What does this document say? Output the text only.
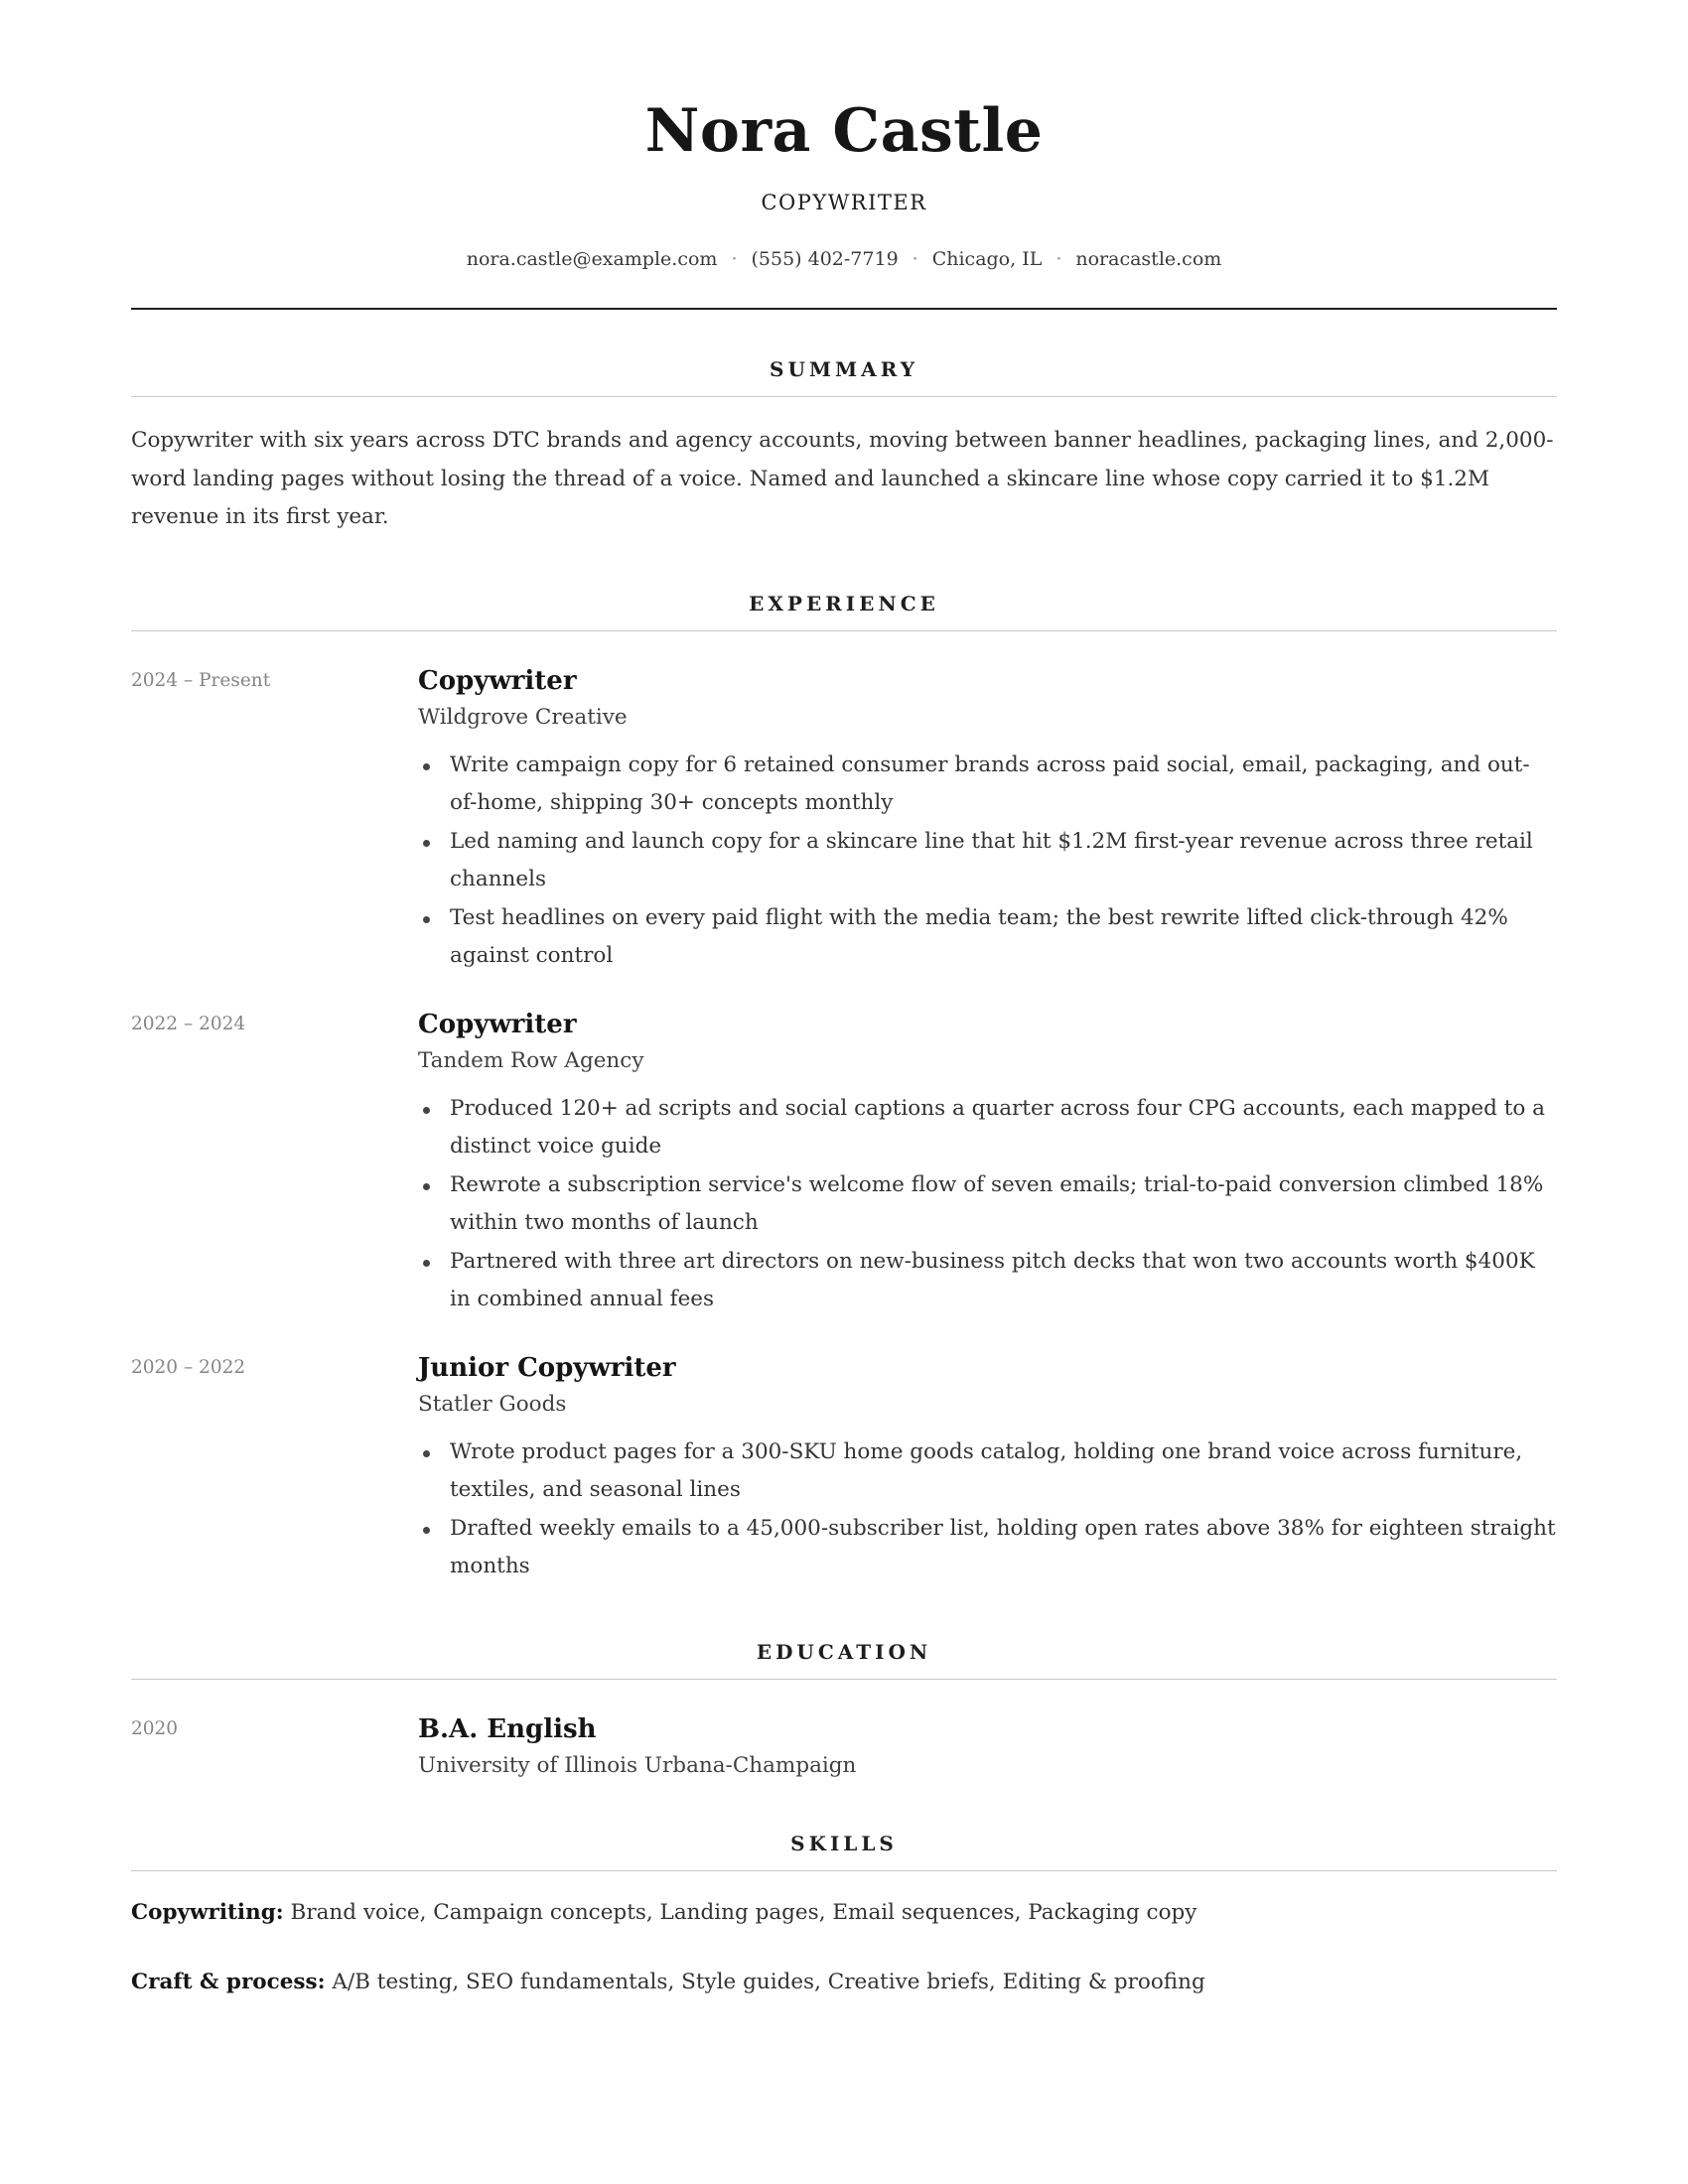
Nora Castle
COPYWRITER
nora.castle@example.com · (555) 402-7719 · Chicago, IL · noracastle.com
SUMMARY

Copywriter with six years across DTC brands and agency accounts, moving between banner headlines, packaging lines, and 2,000-word landing pages without losing the thread of a voice. Named and launched a skincare line whose copy carried it to $1.2M revenue in its first year.

EXPERIENCE
2024 – Present	Copywriter
Wildgrove Creative
Write campaign copy for 6 retained consumer brands across paid social, email, packaging, and out-of-home, shipping 30+ concepts monthly
Led naming and launch copy for a skincare line that hit $1.2M first-year revenue across three retail channels
Test headlines on every paid flight with the media team; the best rewrite lifted click-through 42% against control
2022 – 2024	Copywriter
Tandem Row Agency
Produced 120+ ad scripts and social captions a quarter across four CPG accounts, each mapped to a distinct voice guide
Rewrote a subscription service's welcome flow of seven emails; trial-to-paid conversion climbed 18% within two months of launch
Partnered with three art directors on new-business pitch decks that won two accounts worth $400K in combined annual fees
2020 – 2022	Junior Copywriter
Statler Goods
Wrote product pages for a 300-SKU home goods catalog, holding one brand voice across furniture, textiles, and seasonal lines
Drafted weekly emails to a 45,000-subscriber list, holding open rates above 38% for eighteen straight months
EDUCATION
2020	B.A. English
University of Illinois Urbana-Champaign
SKILLS
Copywriting: Brand voice, Campaign concepts, Landing pages, Email sequences, Packaging copy
Craft & process: A/B testing, SEO fundamentals, Style guides, Creative briefs, Editing & proofing
